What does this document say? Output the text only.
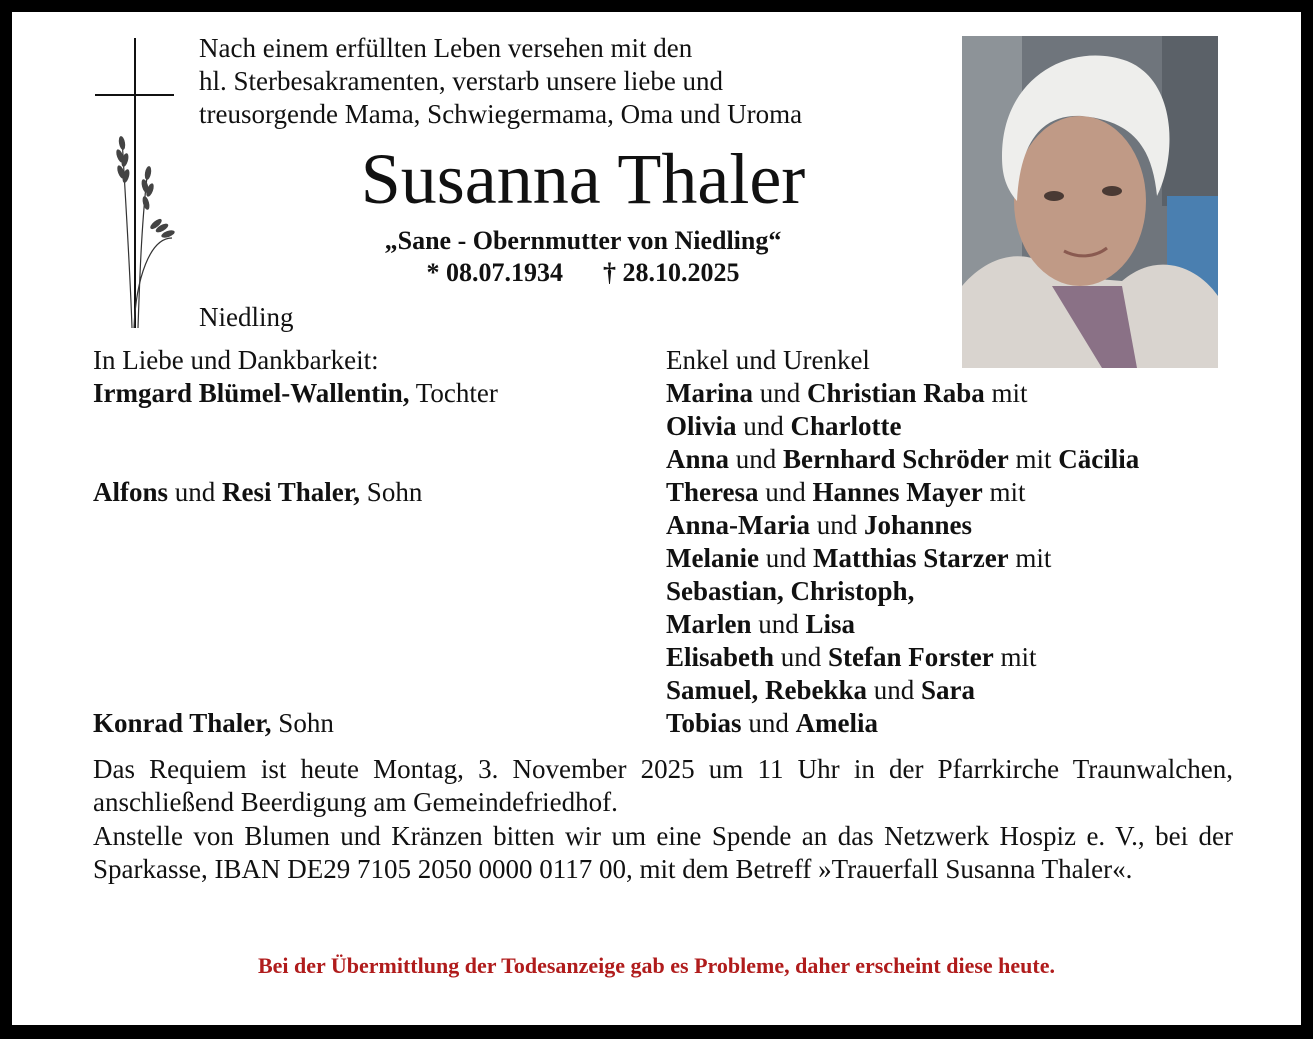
Nach einem erfüllten Leben versehen mit den
hl. Sterbesakramenten, verstarb unsere liebe und
treusorgende Mama, Schwiegermama, Oma und Uroma
Susanna Thaler
„Sane - Obernmutter von Niedling“
* 08.07.1934 † 28.10.2025
Niedling
In Liebe und Dankbarkeit:
Irmgard Blümel-Wallentin, Tochter
Alfons und Resi Thaler, Sohn
Konrad Thaler, Sohn
Enkel und Urenkel
Marina und Christian Raba mit
Olivia und Charlotte
Anna und Bernhard Schröder mit Cäcilia
Theresa und Hannes Mayer mit
Anna-Maria und Johannes
Melanie und Matthias Starzer mit
Sebastian, Christoph,
Marlen und Lisa
Elisabeth und Stefan Forster mit
Samuel, Rebekka und Sara
Tobias und Amelia
Das Requiem ist heute Montag, 3. November 2025 um 11 Uhr in der Pfarrkirche Traunwalchen, anschließend Beerdigung am Gemeindefriedhof.
Anstelle von Blumen und Kränzen bitten wir um eine Spende an das Netzwerk Hospiz e. V., bei der Sparkasse, IBAN DE29 7105 2050 0000 0117 00, mit dem Betreff »Trauerfall Susanna Thaler«.
Bei der Übermittlung der Todesanzeige gab es Probleme, daher erscheint diese heute.
